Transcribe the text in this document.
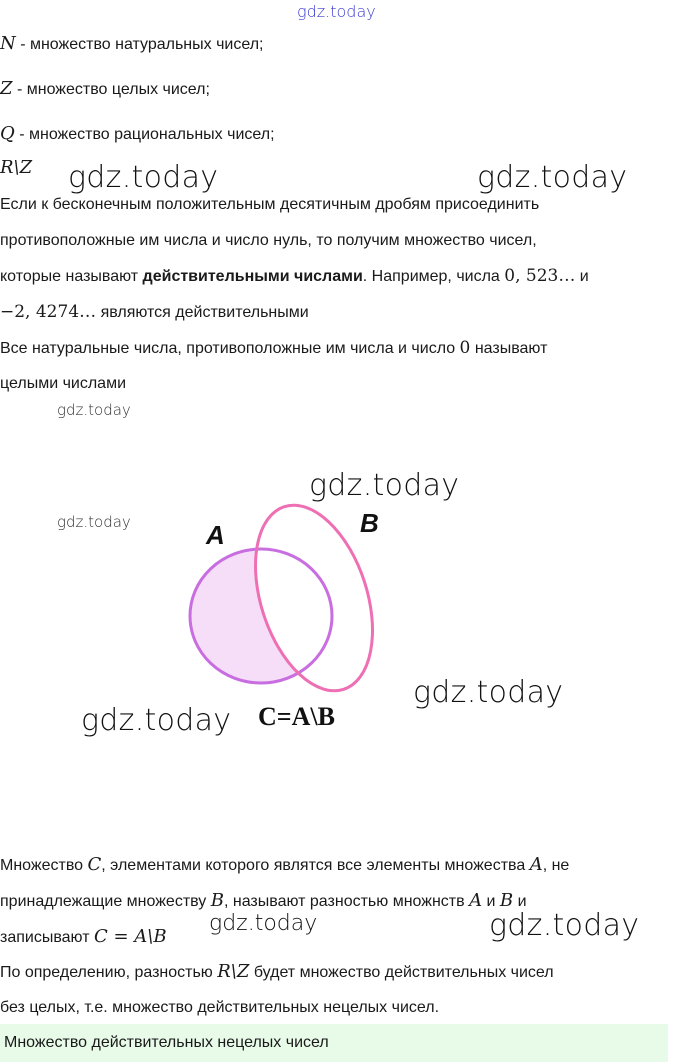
gdz.today
gdz.today	gdz.today
gdz.today
gdz.today
gdz.today
gdz.today
gdz.today
gdz.today	gdz.today
N - множество натуральных чисел;
Z - множество целых чисел;
Q - множество рациональных чисел;
R\Z
Если к бесконечным положительным десятичным дробям присоединить
противоположные им числа и число нуль, то получим множество чисел,
которые называют действительными числами. Например, числа 0, 523… и
−2, 4274… являются действительными
Все натуральные числа, противоположные им числа и число 0 называют
целыми числами
A	B
C=A\B
Множество C, элементами которого являтся все элементы множества A, не
принадлежащие множеству B, называют разностью множнств A и B и
записывают C = A\B
По определению, разностью R\Z будет множество действительных чисел
без целых, т.е. множество действительных нецелых чисел.
Множество действительных нецелых чисел
